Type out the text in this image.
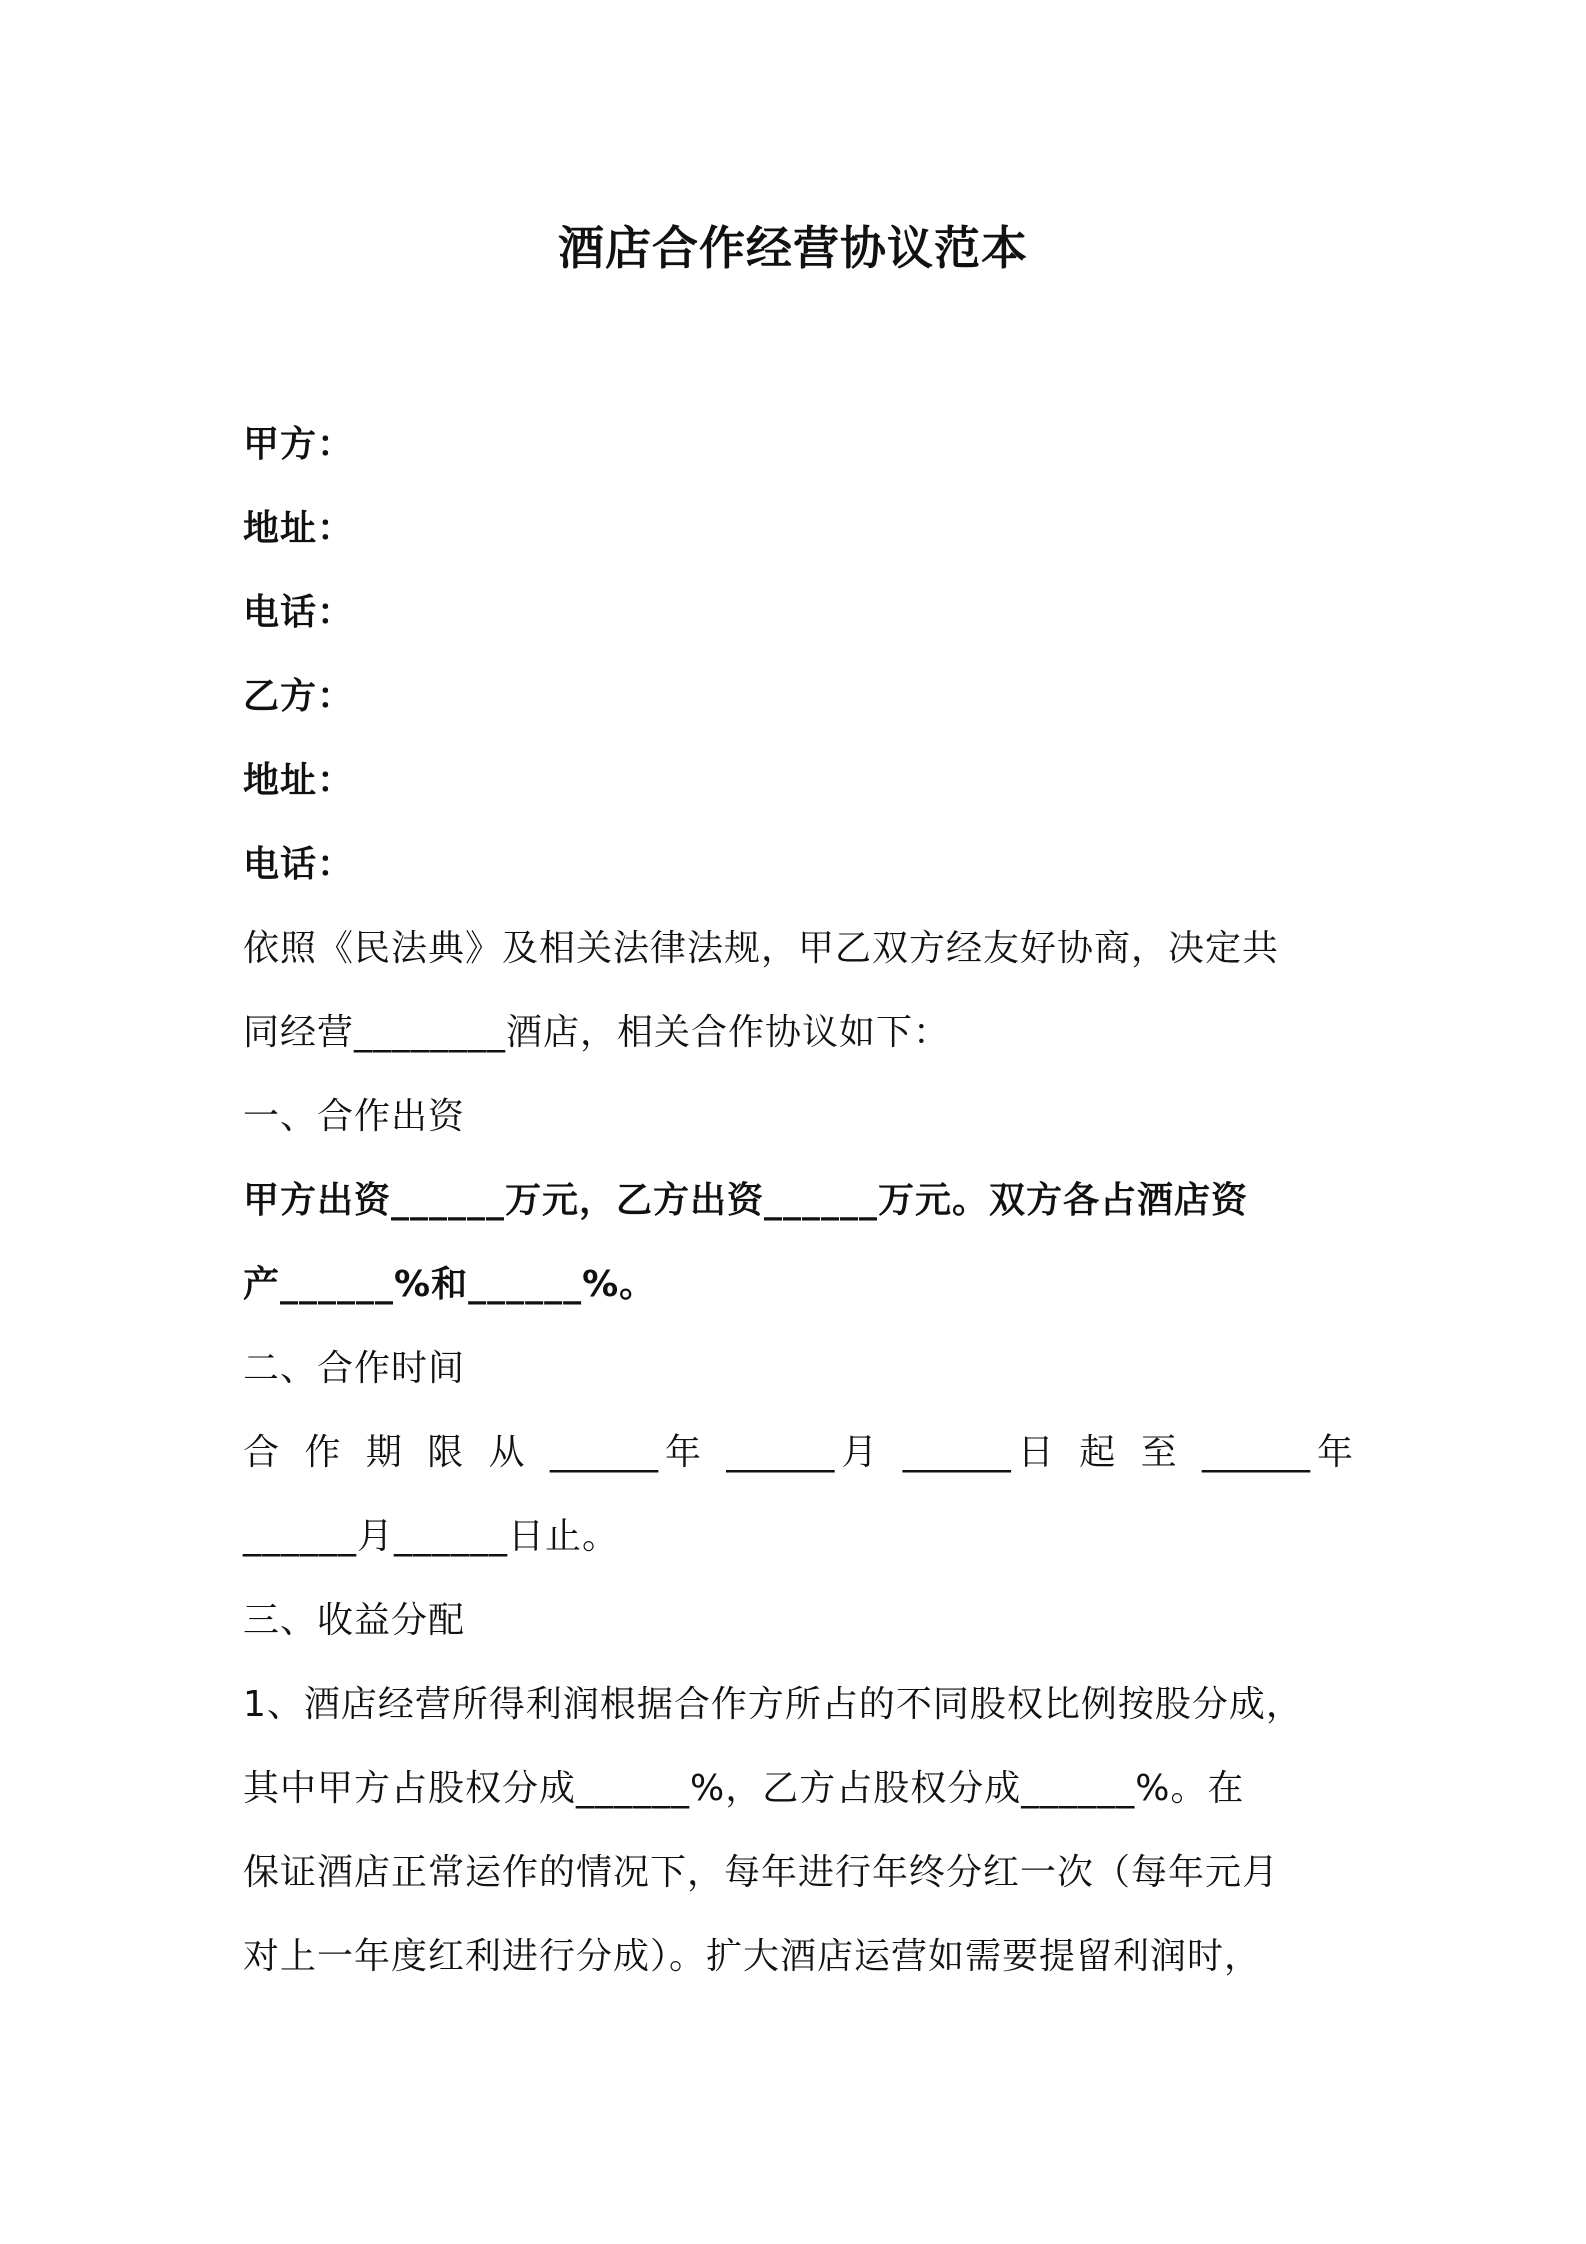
酒店合作经营协议范本
甲方：
地址：
电话：
乙方：
地址：
电话：
依照《民法典》及相关法律法规，甲乙双方经友好协商，决定共
同经营________酒店，相关合作协议如下：
一、合作出资
甲方出资______万元，乙方出资______万元。双方各占酒店资
产______%和______%。
二、合作时间
合 作 期 限 从 ______年 ______月 ______日 起 至 ______年
______月______日止。
三、收益分配
1、酒店经营所得利润根据合作方所占的不同股权比例按股分成，
其中甲方占股权分成______%，乙方占股权分成______%。在
保证酒店正常运作的情况下，每年进行年终分红一次（每年元月
对上一年度红利进行分成）。扩大酒店运营如需要提留利润时，
